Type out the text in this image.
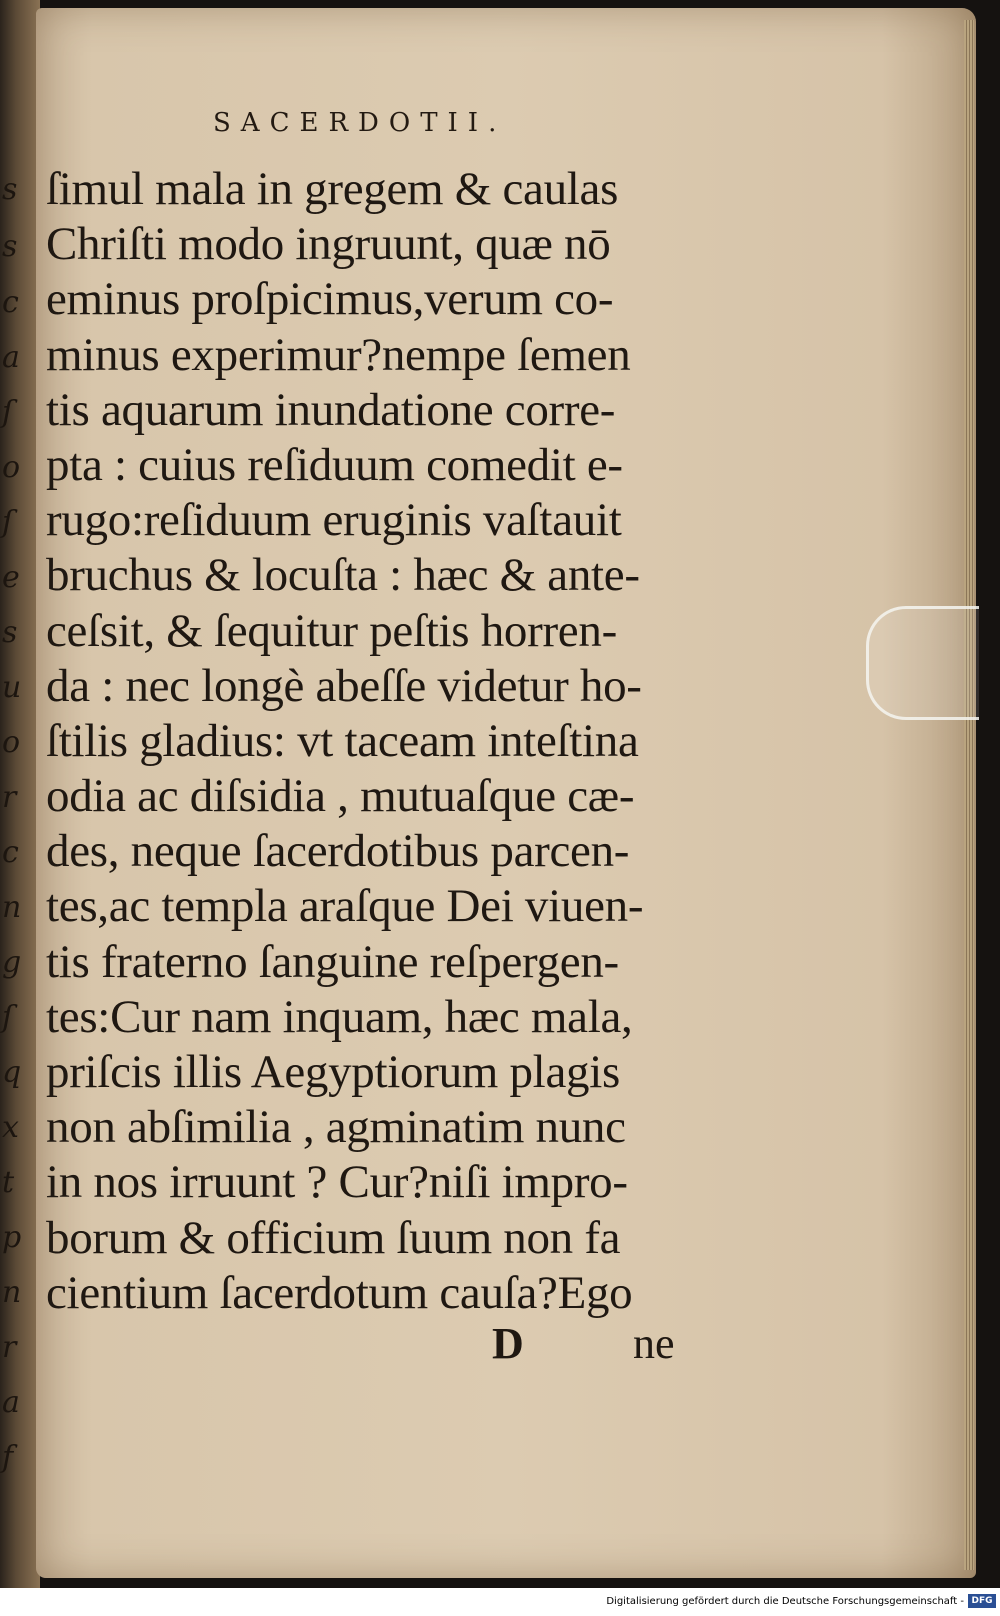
s
s
c
a
ſ
o
ſ
e
s
u
o
r
c
n
g
ſ
q
x
t
p
n
r
a
f
SACERDOTII.
ſimul mala in gregem & caulas
Chriſti modo ingruunt, quæ nō
eminus proſpicimus,verum co-
minus experimur?nempe ſemen
tis aquarum inundatione corre-
pta : cuius reſiduum comedit e-
rugo:reſiduum eruginis vaſtauit
bruchus & locuſta : hæc & ante-
ceſsit, & ſequitur peſtis horren-
da : nec longè abeſſe videtur ho-
ſtilis gladius: vt taceam inteſtina
odia ac diſsidia , mutuaſque cæ-
des, neque ſacerdotibus parcen-
tes,ac templa araſque Dei viuen-
tis fraterno ſanguine reſpergen-
tes:Cur nam inquam, hæc mala,
priſcis illis Aegyptiorum plagis
non abſimilia , agminatim nunc
in nos irruunt ? Cur?niſi impro-
borum & officium ſuum non fa
cientium ſacerdotum cauſa?Ego
D ne
Digitalisierung gefördert durch die Deutsche Forschungsgemeinschaft - DFG
